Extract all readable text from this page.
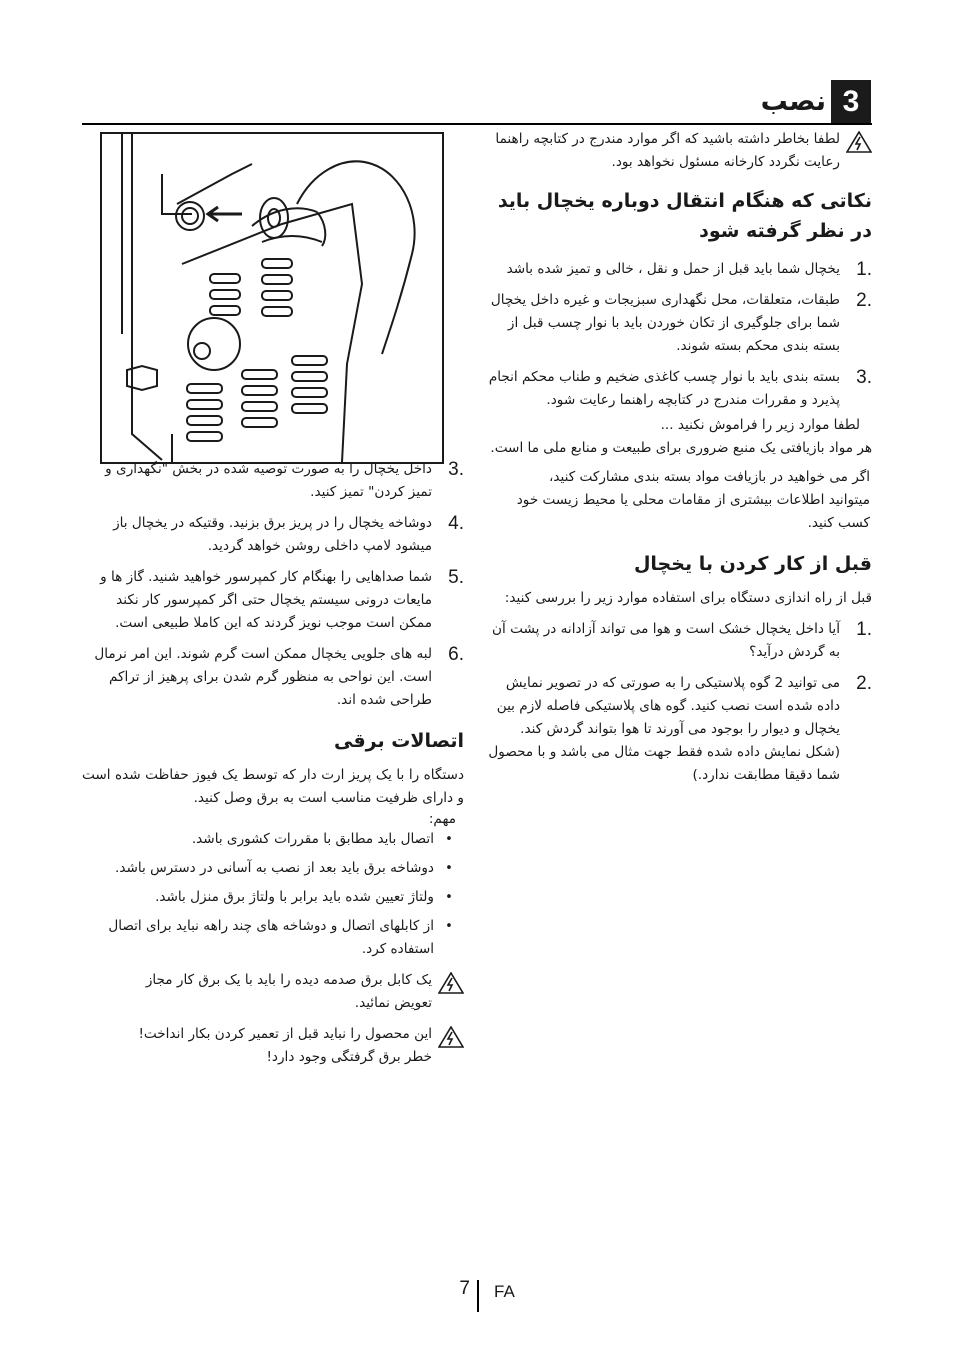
3
نصب

لطفا بخاطر داشته باشید که اگر موارد مندرج در کتابچه راهنما رعایت نگردد کارخانه مسئول نخواهد بود.

نکاتی که هنگام انتقال دوباره یخچال باید در نظر گرفته شود
1.

یخچال شما باید قبل از حمل و نقل ، خالی و تمیز شده باشد

2.

طبقات، متعلقات، محل نگهداری سبزیجات و غیره داخل یخچال شما برای جلوگیری از تکان خوردن باید با نوار چسب قبل از بسته بندی محکم بسته شوند.

3.

بسته بندی باید با نوار چسب کاغذی ضخیم و طناب محکم انجام پذیرد و مقررات مندرج در کتابچه راهنما رعایت شود.

لطفا موارد زیر را فراموش نکنید ...

هر مواد بازیافتی یک منبع ضروری برای طبیعت و منابع ملی ما است.

اگر می خواهید در بازیافت مواد بسته بندی مشارکت کنید، میتوانید اطلاعات بیشتری از مقامات محلی یا محیط زیست خود کسب کنید.

قبل از کار کردن با یخچال

قبل از راه اندازی دستگاه برای استفاده موارد زیر را بررسی کنید:

1.

آیا داخل یخچال خشک است و هوا می تواند آزادانه در پشت آن به گردش درآید؟

2.

می توانید 2 گوه پلاستیکی را به صورتی که در تصویر نمایش داده شده است نصب کنید. گوه های پلاستیکی فاصله لازم بین یخچال و دیوار را بوجود می آورند تا هوا بتواند گردش کند. (شکل نمایش داده شده فقط جهت مثال می باشد و با محصول شما دقیقا مطابقت ندارد.)

3.

داخل یخچال را به صورت توصیه شده در بخش "نگهداری و تمیز کردن" تمیز کنید.

4.

دوشاخه یخچال را در پریز برق بزنید. وقتیکه در یخچال باز میشود لامپ داخلی روشن خواهد گردید.

5.

شما صداهایی را بهنگام کار کمپرسور خواهید شنید. گاز ها و مایعات درونی سیستم یخچال حتی اگر کمپرسور کار نکند ممکن است موجب نویز گردند که این کاملا طبیعی است.

6.

لبه های جلویی یخچال ممکن است گرم شوند. این امر نرمال است. این نواحی به منظور گرم شدن برای پرهیز از تراکم طراحی شده اند.

اتصالات برقی

دستگاه را با یک پریز ارت دار که توسط یک فیوز حفاظت شده است و دارای ظرفیت مناسب است به برق وصل کنید.

مهم:

•

اتصال باید مطابق با مقررات کشوری باشد.

•

دوشاخه برق باید بعد از نصب به آسانی در دسترس باشد.

•

ولتاژ تعیین شده باید برابر با ولتاژ برق منزل باشد.

•

از کابلهای اتصال و دوشاخه های چند راهه نباید برای اتصال استفاده کرد.

یک کابل برق صدمه دیده را باید با یک برق کار مجاز تعویض نمائید.

این محصول را نباید قبل از تعمیر کردن بکار انداخت! خطر برق گرفتگی وجود دارد!

7 FA
